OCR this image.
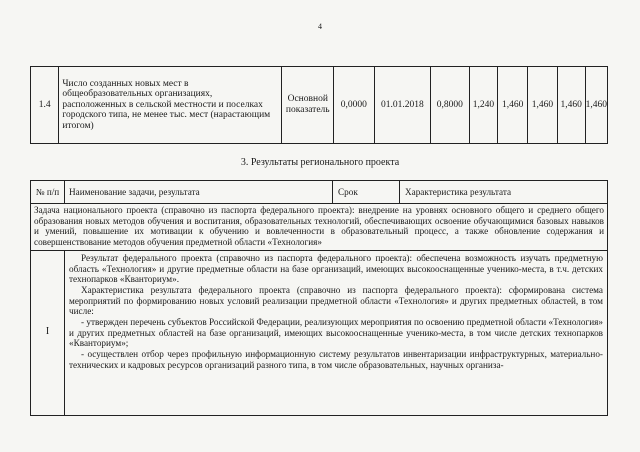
4
1.4	Число созданных новых мест в общеобразовательных организациях, расположенных в сельской местности и поселках городского типа, не менее тыс. мест (нарастающим итогом)	Основной показатель	0,0000	01.01.2018	0,8000	1,240	1,460	1,460	1,460	1,460
3. Результаты регионального проекта
№ п/п	Наименование задачи, результата	Срок	Характеристика результата
Задача национального проекта (справочно из паспорта федерального проекта): внедрение на уровнях основного общего и среднего общего образования новых методов обучения и воспитания, образовательных технологий, обеспечивающих освоение обучающимися базовых навыков и умений, повышение их мотивации к обучению и вовлеченности в образовательный процесс, а также обновление содержания и совершенствование методов обучения предметной области «Технология»			
I	Результат федерального проекта (справочно из паспорта федерального проекта): обеспечена возможность изучать предметную область «Технология» и другие предметные области на базе организаций, имеющих высокооснащенные ученико-места, в т.ч. детских технопарков «Кванториум».

Характеристика результата федерального проекта (справочно из паспорта федерального проекта): сформирована система мероприятий по формированию новых условий реализации предметной области «Технология» и других предметных областей, в том числе:

- утвержден перечень субъектов Российской Федерации, реализующих мероприятия по освоению предметной области «Технология» и других предметных областей на базе организаций, имеющих высокооснащенные ученико-места, в том числе детских технопарков «Кванториум»;

- осуществлен отбор через профильную информационную систему результатов инвентаризации инфраструктурных, материально-технических и кадровых ресурсов организаций разного типа, в том числе образовательных, научных организа-		
